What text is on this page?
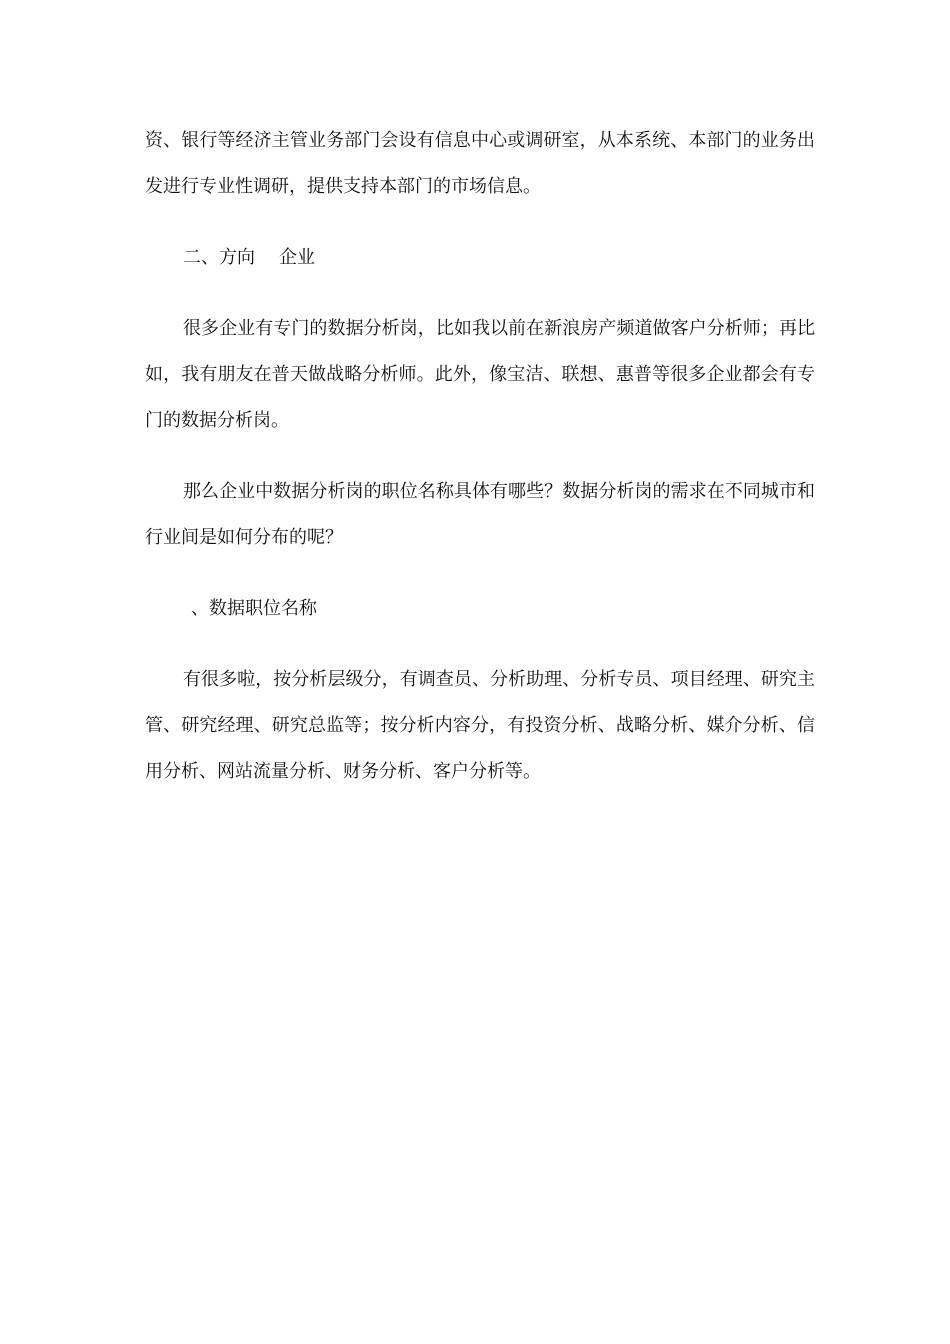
资、银行等经济主管业务部门会设有信息中心或调研室，从本系统、本部门的业务出发进行专业性调研，提供支持本部门的市场信息。

二、方向 企业

很多企业有专门的数据分析岗，比如我以前在新浪房产频道做客户分析师；再比如，我有朋友在普天做战略分析师。此外，像宝洁、联想、惠普等很多企业都会有专门的数据分析岗。

那么企业中数据分析岗的职位名称具体有哪些？数据分析岗的需求在不同城市和行业间是如何分布的呢？

、数据职位名称

有很多啦，按分析层级分，有调查员、分析助理、分析专员、项目经理、研究主管、研究经理、研究总监等；按分析内容分，有投资分析、战略分析、媒介分析、信用分析、网站流量分析、财务分析、客户分析等。
